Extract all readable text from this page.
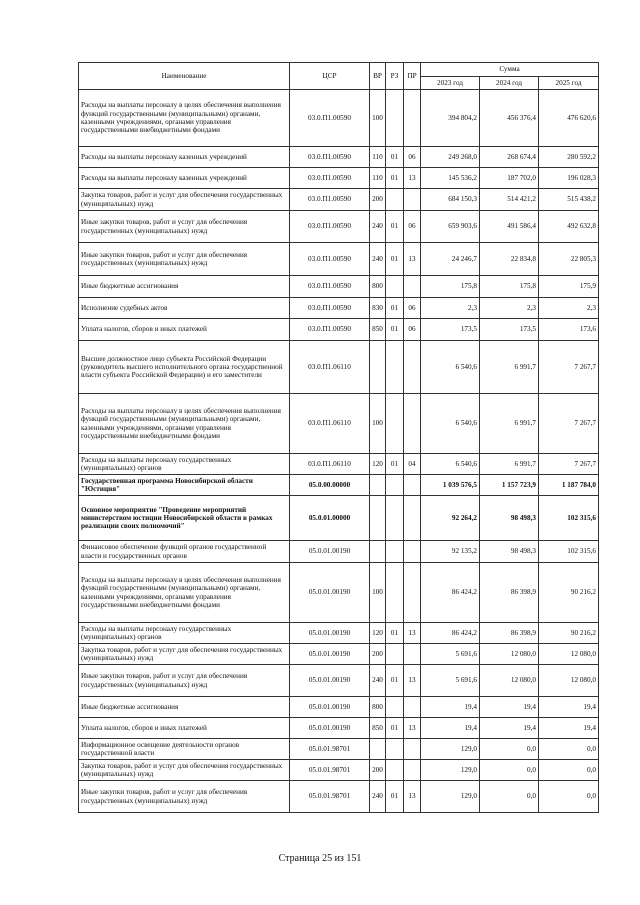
Наименование	ЦСР	ВР	РЗ	ПР	Сумма		
					2023 год	2024 год	2025 год
Расходы на выплаты персоналу в целях обеспечения выполнения функций государственными (муниципальными) органами, казенными учреждениями, органами управления государственными внебюджетными фондами	03.0.П1.00590	100			394 804,2	456 376,4	476 620,6
Расходы на выплаты персоналу казенных учреждений	03.0.П1.00590	110	01	06	249 268,0	268 674,4	280 592,2
Расходы на выплаты персоналу казенных учреждений	03.0.П1.00590	110	01	13	145 536,2	187 702,0	196 028,3
Закупка товаров, работ и услуг для обеспечения государственных (муниципальных) нужд	03.0.П1.00590	200			684 150,3	514 421,2	515 438,2
Иные закупки товаров, работ и услуг для обеспечения государственных (муниципальных) нужд	03.0.П1.00590	240	01	06	659 903,6	491 586,4	492 632,8
Иные закупки товаров, работ и услуг для обеспечения государственных (муниципальных) нужд	03.0.П1.00590	240	01	13	24 246,7	22 834,8	22 805,3
Иные бюджетные ассигнования	03.0.П1.00590	800			175,8	175,8	175,9
Исполнение судебных актов	03.0.П1.00590	830	01	06	2,3	2,3	2,3
Уплата налогов, сборов и иных платежей	03.0.П1.00590	850	01	06	173,5	173,5	173,6
Высшее должностное лицо субъекта Российской Федерации (руководитель высшего исполнительного органа государственной власти субъекта Российской Федерации) и его заместители	03.0.П1.06110				6 540,6	6 991,7	7 267,7
Расходы на выплаты персоналу в целях обеспечения выполнения функций государственными (муниципальными) органами, казенными учреждениями, органами управления государственными внебюджетными фондами	03.0.П1.06110	100			6 540,6	6 991,7	7 267,7
Расходы на выплаты персоналу государственных (муниципальных) органов	03.0.П1.06110	120	01	04	6 540,6	6 991,7	7 267,7
Государственная программа Новосибирской области "Юстиция"	05.0.00.00000				1 039 576,5	1 157 723,9	1 187 784,0
Основное мероприятие "Проведение мероприятий министерством юстиции Новосибирской области в рамках реализации своих полномочий"	05.0.01.00000				92 264,2	98 498,3	102 315,6
Финансовое обеспечение функций органов государственной власти и государственных органов	05.0.01.00190				92 135,2	98 498,3	102 315,6
Расходы на выплаты персоналу в целях обеспечения выполнения функций государственными (муниципальными) органами, казенными учреждениями, органами управления государственными внебюджетными фондами	05.0.01.00190	100			86 424,2	86 398,9	90 216,2
Расходы на выплаты персоналу государственных (муниципальных) органов	05.0.01.00190	120	01	13	86 424,2	86 398,9	90 216,2
Закупка товаров, работ и услуг для обеспечения государственных (муниципальных) нужд	05.0.01.00190	200			5 691,6	12 080,0	12 080,0
Иные закупки товаров, работ и услуг для обеспечения государственных (муниципальных) нужд	05.0.01.00190	240	01	13	5 691,6	12 080,0	12 080,0
Иные бюджетные ассигнования	05.0.01.00190	800			19,4	19,4	19,4
Уплата налогов, сборов и иных платежей	05.0.01.00190	850	01	13	19,4	19,4	19,4
Информационное освещение деятельности органов государственной власти	05.0.01.98701				129,0	0,0	0,0
Закупка товаров, работ и услуг для обеспечения государственных (муниципальных) нужд	05.0.01.98701	200			129,0	0,0	0,0
Иные закупки товаров, работ и услуг для обеспечения государственных (муниципальных) нужд	05.0.01.98701	240	01	13	129,0	0,0	0,0
Страница 25 из 151
